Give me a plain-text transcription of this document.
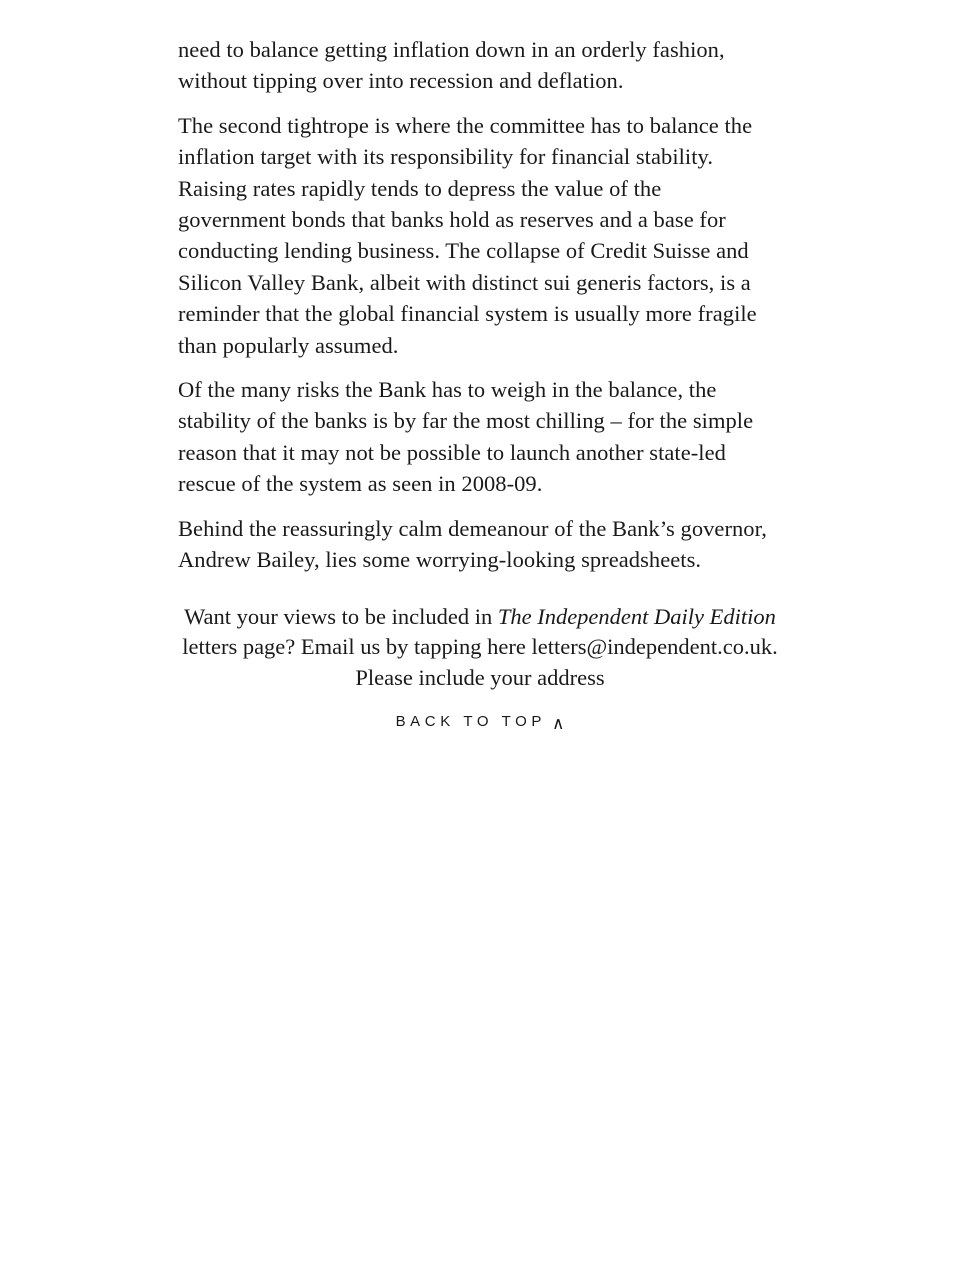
need to balance getting inflation down in an orderly fashion,
without tipping over into recession and deflation.

The second tightrope is where the committee has to balance the
inflation target with its responsibility for financial stability.
Raising rates rapidly tends to depress the value of the
government bonds that banks hold as reserves and a base for
conducting lending business. The collapse of Credit Suisse and
Silicon Valley Bank, albeit with distinct sui generis factors, is a
reminder that the global financial system is usually more fragile
than popularly assumed.

Of the many risks the Bank has to weigh in the balance, the
stability of the banks is by far the most chilling – for the simple
reason that it may not be possible to launch another state-led
rescue of the system as seen in 2008-09.

Behind the reassuringly calm demeanour of the Bank’s governor,
Andrew Bailey, lies some worrying-looking spreadsheets.

Want your views to be included in The Independent Daily Edition
letters page? Email us by tapping here letters@independent.co.uk.
Please include your address
BACK TO TOP ∧
